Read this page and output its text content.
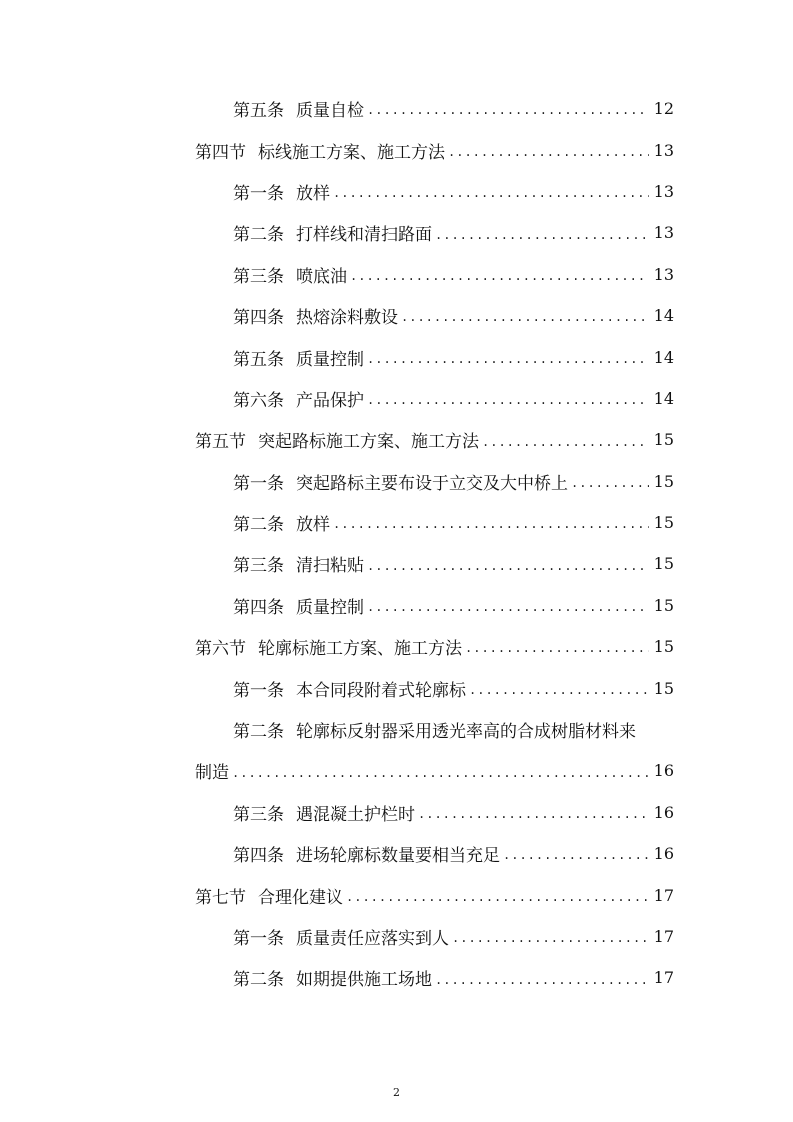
第五条 质量自检 .....	12
第四节 标线施工方案、施工方法 .....	13
第一条 放样 .....	13
第二条 打样线和清扫路面 .....	13
第三条 喷底油 .....	13
第四条 热熔涂料敷设 .....	14
第五条 质量控制 .....	14
第六条 产品保护 .....	14
第五节 突起路标施工方案、施工方法 .....	15
第一条 突起路标主要布设于立交及大中桥上 .....	15
第二条 放样 .....	15
第三条 清扫粘贴 .....	15
第四条 质量控制 .....	15
第六节 轮廓标施工方案、施工方法 .....	15
第一条 本合同段附着式轮廓标 .....	15
第二条 轮廓标反射器采用透光率高的合成树脂材料来
制造 .....	16
第三条 遇混凝土护栏时 .....	16
第四条 进场轮廓标数量要相当充足 .....	16
第七节 合理化建议 .....	17
第一条 质量责任应落实到人 .....	17
第二条 如期提供施工场地 .....	17
2
